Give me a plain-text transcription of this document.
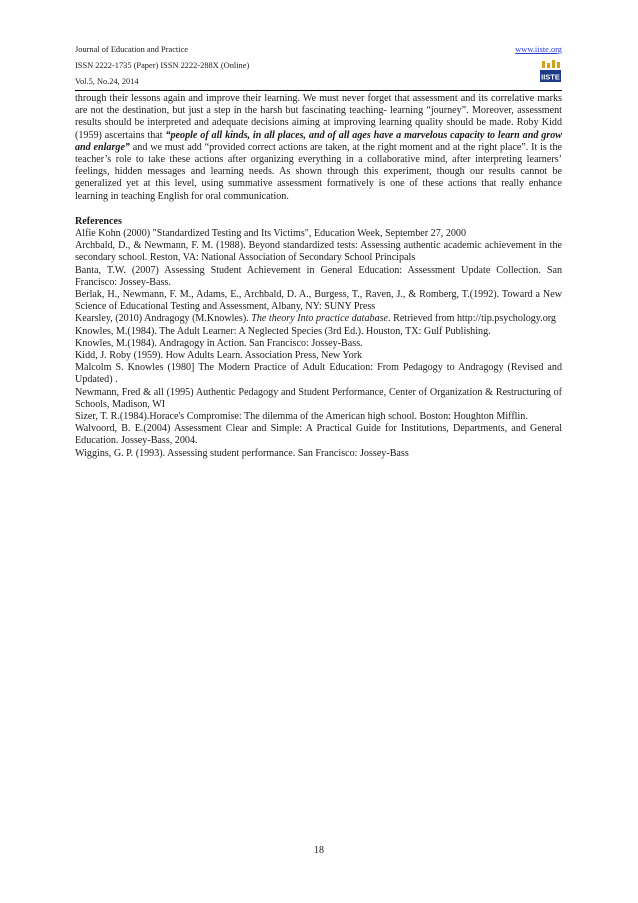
Journal of Education and Practice
ISSN 2222-1735 (Paper) ISSN 2222-288X (Online)
Vol.5, No.24, 2014
www.iiste.org
IISTE

through their lessons again and improve their learning. We must never forget that assessment and its correlative marks are not the destination, but just a step in the harsh but fascinating teaching- learning “journey”. Moreover, assessment results should be interpreted and adequate decisions aiming at improving learning quality should be made. Roby Kidd (1959) ascertains that “people of all kinds, in all places, and of all ages have a marvelous capacity to learn and grow and enlarge” and we must add “provided correct actions are taken, at the right moment and at the right place”. It is the teacher’s role to take these actions after organizing everything in a collaborative mind, after interpreting learners’ feelings, hidden messages and learning needs. As shown through this experiment, though our results cannot be generalized yet at this level, using summative assessment formatively is one of these actions that really enhance learning in teaching English for oral communication.

References
Alfie Kohn (2000) "Standardized Testing and Its Victims", Education Week, September 27, 2000
Archbald, D., & Newmann, F. M. (1988). Beyond standardized tests: Assessing authentic academic achievement in the secondary school. Reston, VA: National Association of Secondary School Principals
Banta, T.W. (2007) Assessing Student Achievement in General Education: Assessment Update Collection. San Francisco: Jossey-Bass.
Berlak, H., Newmann, F. M., Adams, E., Archbald, D. A., Burgess, T., Raven, J., & Romberg, T.(1992). Toward a New Science of Educational Testing and Assessment, Albany, NY: SUNY Press
Kearsley, (2010) Andragogy (M.Knowles). The theory Into practice database. Retrieved from http://tip.psychology.org
Knowles, M.(1984). The Adult Learner: A Neglected Species (3rd Ed.). Houston, TX: Gulf Publishing.
Knowles, M.(1984). Andragogy in Action. San Francisco: Jossey-Bass.
Kidd, J. Roby (1959). How Adults Learn. Association Press, New York
Malcolm S. Knowles (1980] The Modern Practice of Adult Education: From Pedagogy to Andragogy (Revised and Updated) .
Newmann, Fred & all (1995) Authentic Pedagogy and Student Performance, Center of Organization & Restructuring of Schools, Madison, WI
Sizer, T. R.(1984).Horace's Compromise: The dilemma of the American high school. Boston: Houghton Mifflin.
Walvoord, B. E.(2004) Assessment Clear and Simple: A Practical Guide for Institutions, Departments, and General Education. Jossey-Bass, 2004.
Wiggins, G. P. (1993). Assessing student performance. San Francisco: Jossey-Bass
18
